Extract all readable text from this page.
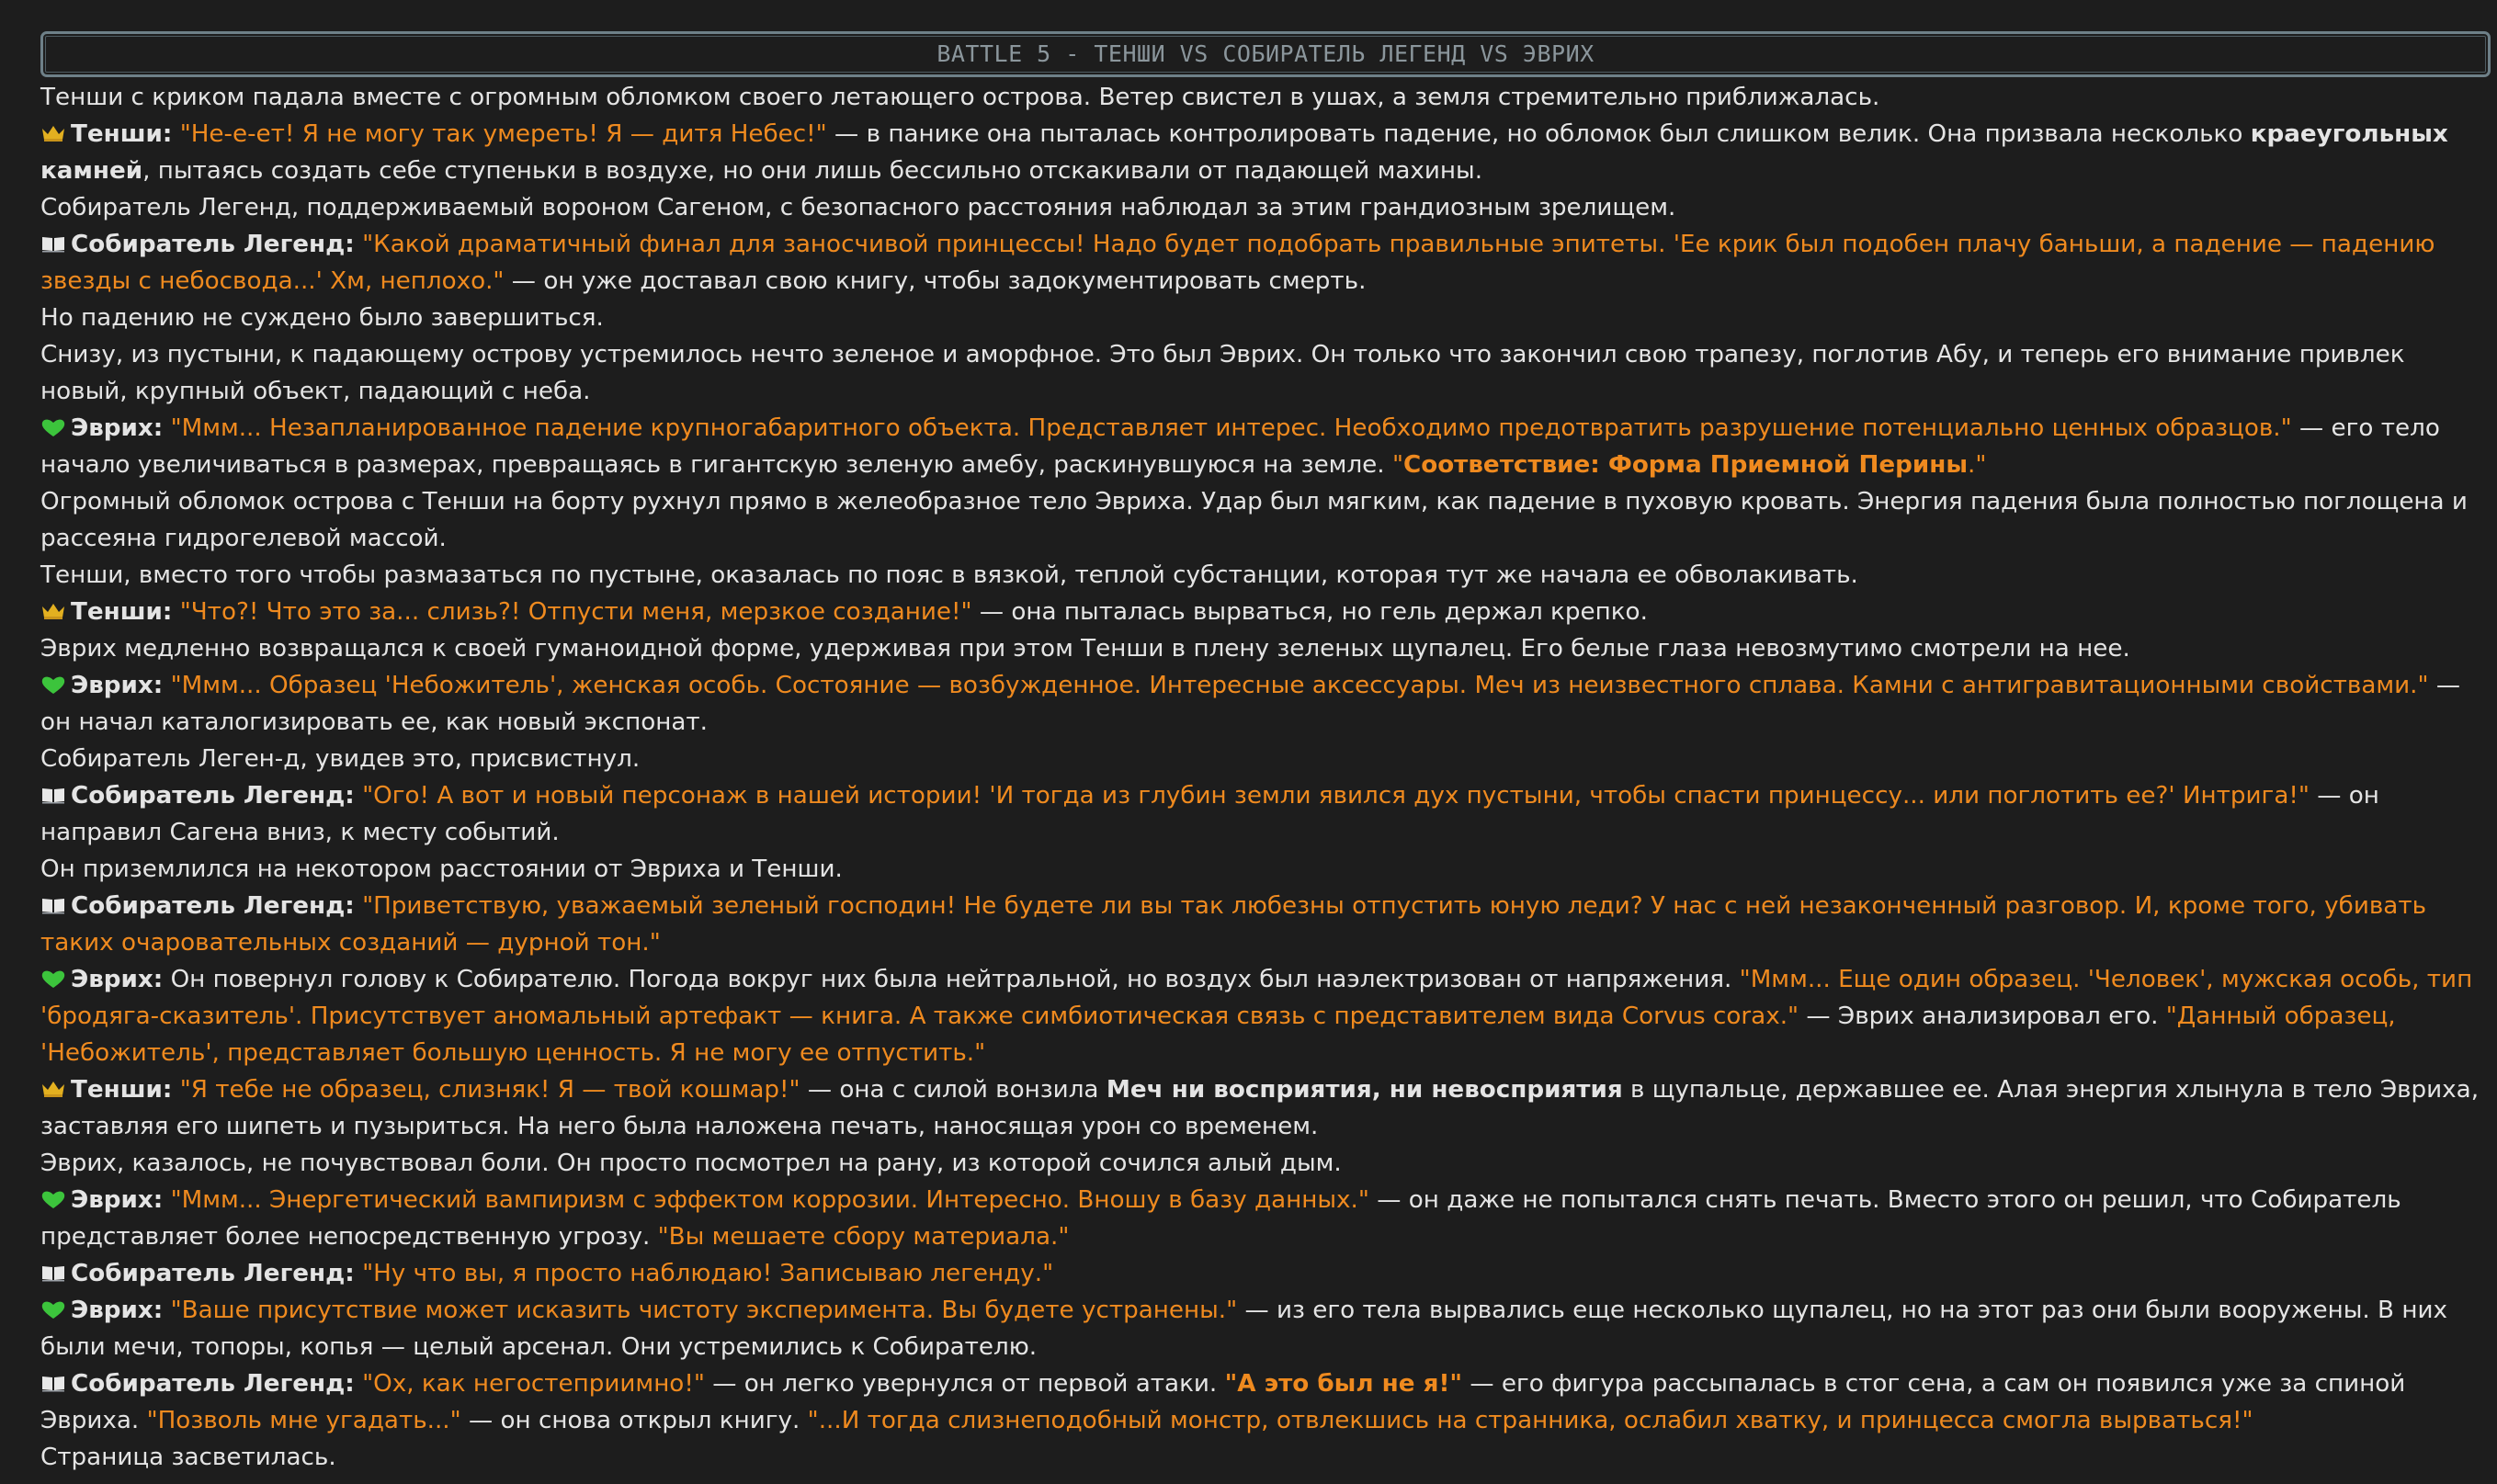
BATTLE 5 - ТЕНШИ VS СОБИРАТЕЛЬ ЛЕГЕНД VS ЭВРИХ

Тенши с криком падала вместе с огромным обломком своего летающего острова. Ветер свистел в ушах, а земля стремительно приближалась.

Тенши: "Не-е-ет! Я не могу так умереть! Я — дитя Небес!" — в панике она пыталась контролировать падение, но обломок был слишком велик. Она призвала несколько краеугольных камней, пытаясь создать себе ступеньки в воздухе, но они лишь бессильно отскакивали от падающей махины.

Собиратель Легенд, поддерживаемый вороном Сагеном, с безопасного расстояния наблюдал за этим грандиозным зрелищем.

Собиратель Легенд: "Какой драматичный финал для заносчивой принцессы! Надо будет подобрать правильные эпитеты. 'Ее крик был подобен плачу баньши, а падение — падению звезды с небосвода...' Хм, неплохо." — он уже доставал свою книгу, чтобы задокументировать смерть.

Но падению не суждено было завершиться.

Снизу, из пустыни, к падающему острову устремилось нечто зеленое и аморфное. Это был Эврих. Он только что закончил свою трапезу, поглотив Абу, и теперь его внимание привлек новый, крупный объект, падающий с неба.

Эврих: "Ммм... Незапланированное падение крупногабаритного объекта. Представляет интерес. Необходимо предотвратить разрушение потенциально ценных образцов." — его тело начало увеличиваться в размерах, превращаясь в гигантскую зеленую амебу, раскинувшуюся на земле. "Соответствие: Форма Приемной Перины."

Огромный обломок острова с Тенши на борту рухнул прямо в желеобразное тело Эвриха. Удар был мягким, как падение в пуховую кровать. Энергия падения была полностью поглощена и рассеяна гидрогелевой массой.

Тенши, вместо того чтобы размазаться по пустыне, оказалась по пояс в вязкой, теплой субстанции, которая тут же начала ее обволакивать.

Тенши: "Что?! Что это за... слизь?! Отпусти меня, мерзкое создание!" — она пыталась вырваться, но гель держал крепко.

Эврих медленно возвращался к своей гуманоидной форме, удерживая при этом Тенши в плену зеленых щупалец. Его белые глаза невозмутимо смотрели на нее.

Эврих: "Ммм... Образец 'Небожитель', женская особь. Состояние — возбужденное. Интересные аксессуары. Меч из неизвестного сплава. Камни с антигравитационными свойствами." — он начал каталогизировать ее, как новый экспонат.

Собиратель Леген-д, увидев это, присвистнул.

Собиратель Легенд: "Ого! А вот и новый персонаж в нашей истории! 'И тогда из глубин земли явился дух пустыни, чтобы спасти принцессу... или поглотить ее?' Интрига!" — он направил Сагена вниз, к месту событий.

Он приземлился на некотором расстоянии от Эвриха и Тенши.

Собиратель Легенд: "Приветствую, уважаемый зеленый господин! Не будете ли вы так любезны отпустить юную леди? У нас с ней незаконченный разговор. И, кроме того, убивать таких очаровательных созданий — дурной тон."

Эврих: Он повернул голову к Собирателю. Погода вокруг них была нейтральной, но воздух был наэлектризован от напряжения. "Ммм... Еще один образец. 'Человек', мужская особь, тип 'бродяга-сказитель'. Присутствует аномальный артефакт — книга. А также симбиотическая связь с представителем вида Corvus corax." — Эврих анализировал его. "Данный образец, 'Небожитель', представляет большую ценность. Я не могу ее отпустить."

Тенши: "Я тебе не образец, слизняк! Я — твой кошмар!" — она с силой вонзила Меч ни восприятия, ни невосприятия в щупальце, державшее ее. Алая энергия хлынула в тело Эвриха, заставляя его шипеть и пузыриться. На него была наложена печать, наносящая урон со временем.

Эврих, казалось, не почувствовал боли. Он просто посмотрел на рану, из которой сочился алый дым.

Эврих: "Ммм... Энергетический вампиризм с эффектом коррозии. Интересно. Вношу в базу данных." — он даже не попытался снять печать. Вместо этого он решил, что Собиратель представляет более непосредственную угрозу. "Вы мешаете сбору материала."

Собиратель Легенд: "Ну что вы, я просто наблюдаю! Записываю легенду."

Эврих: "Ваше присутствие может исказить чистоту эксперимента. Вы будете устранены." — из его тела вырвались еще несколько щупалец, но на этот раз они были вооружены. В них были мечи, топоры, копья — целый арсенал. Они устремились к Собирателю.

Собиратель Легенд: "Ох, как негостеприимно!" — он легко увернулся от первой атаки. "А это был не я!" — его фигура рассыпалась в стог сена, а сам он появился уже за спиной Эвриха. "Позволь мне угадать..." — он снова открыл книгу. "...И тогда слизнеподобный монстр, отвлекшись на странника, ослабил хватку, и принцесса смогла вырваться!"

Страница засветилась.
